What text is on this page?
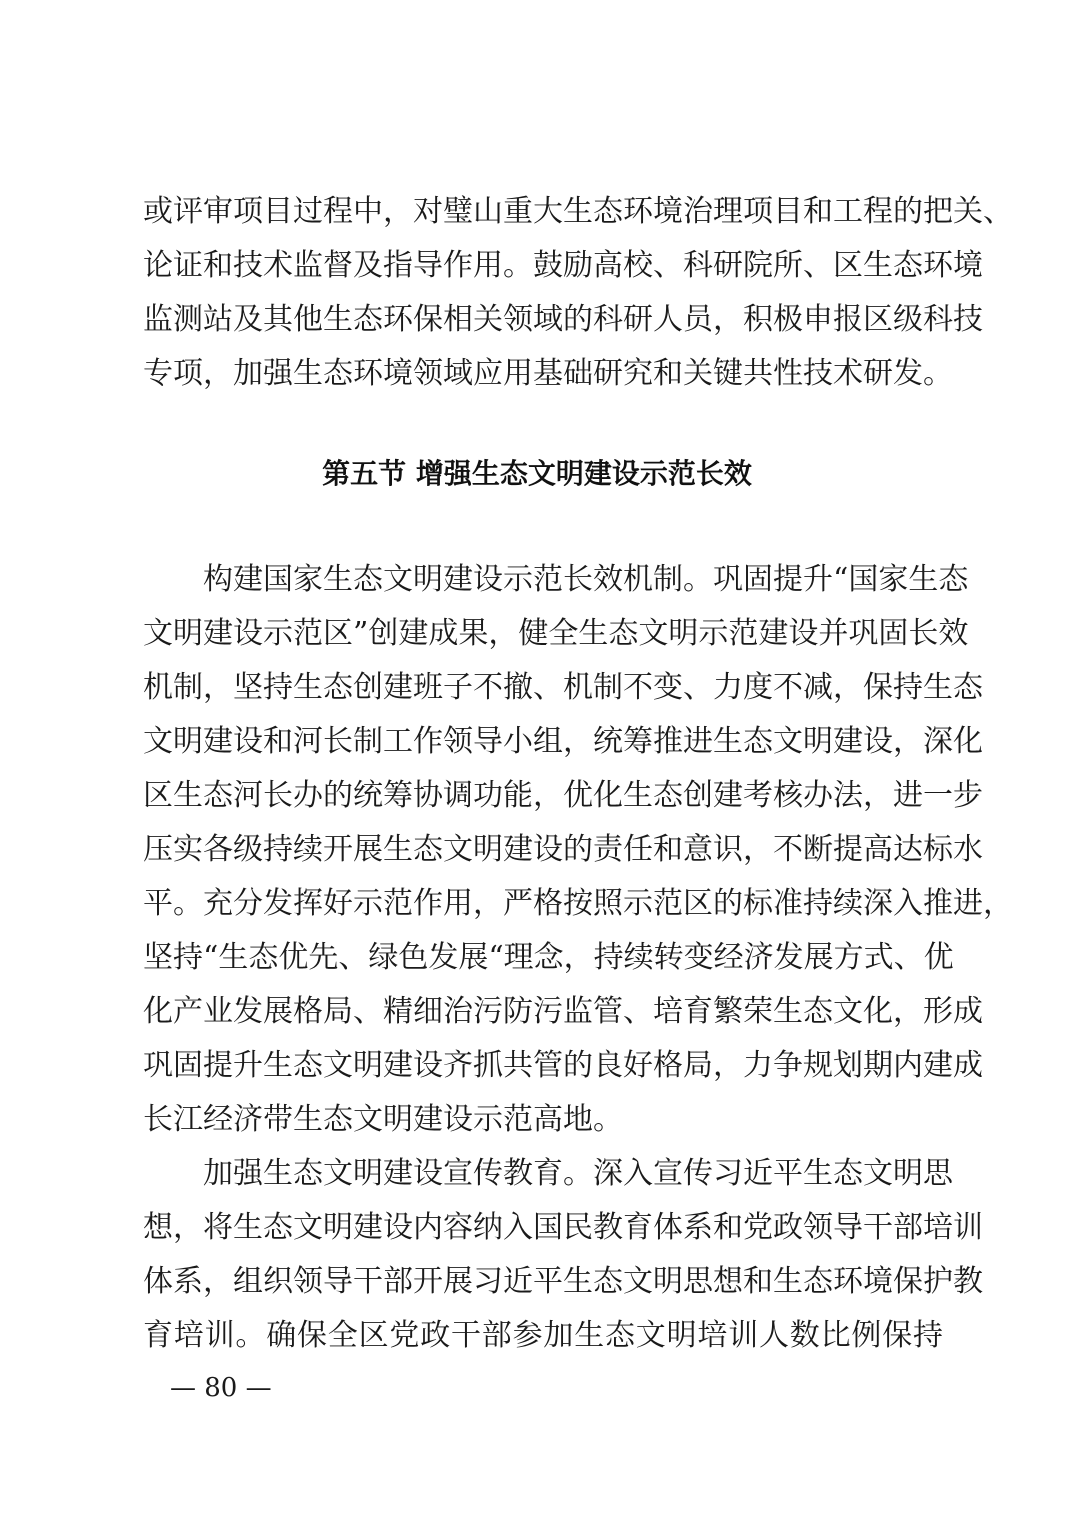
或评审项目过程中，对璧山重大生态环境治理项目和工程的把关、
论证和技术监督及指导作用。鼓励高校、科研院所、区生态环境
监测站及其他生态环保相关领域的科研人员，积极申报区级科技
专项，加强生态环境领域应用基础研究和关键共性技术研发。
第五节 增强生态文明建设示范长效
构建国家生态文明建设示范长效机制。巩固提升“国家生态
文明建设示范区”创建成果，健全生态文明示范建设并巩固长效
机制，坚持生态创建班子不撤、机制不变、力度不减，保持生态
文明建设和河长制工作领导小组，统筹推进生态文明建设，深化
区生态河长办的统筹协调功能，优化生态创建考核办法，进一步
压实各级持续开展生态文明建设的责任和意识，不断提高达标水
平。充分发挥好示范作用，严格按照示范区的标准持续深入推进，
坚持“生态优先、绿色发展“理念，持续转变经济发展方式、优
化产业发展格局、精细治污防污监管、培育繁荣生态文化，形成
巩固提升生态文明建设齐抓共管的良好格局，力争规划期内建成
长江经济带生态文明建设示范高地。
加强生态文明建设宣传教育。深入宣传习近平生态文明思
想，将生态文明建设内容纳入国民教育体系和党政领导干部培训
体系，组织领导干部开展习近平生态文明思想和生态环境保护教
— 80 —
育培训。确保全区党政干部参加生态文明培训人数比例保持
